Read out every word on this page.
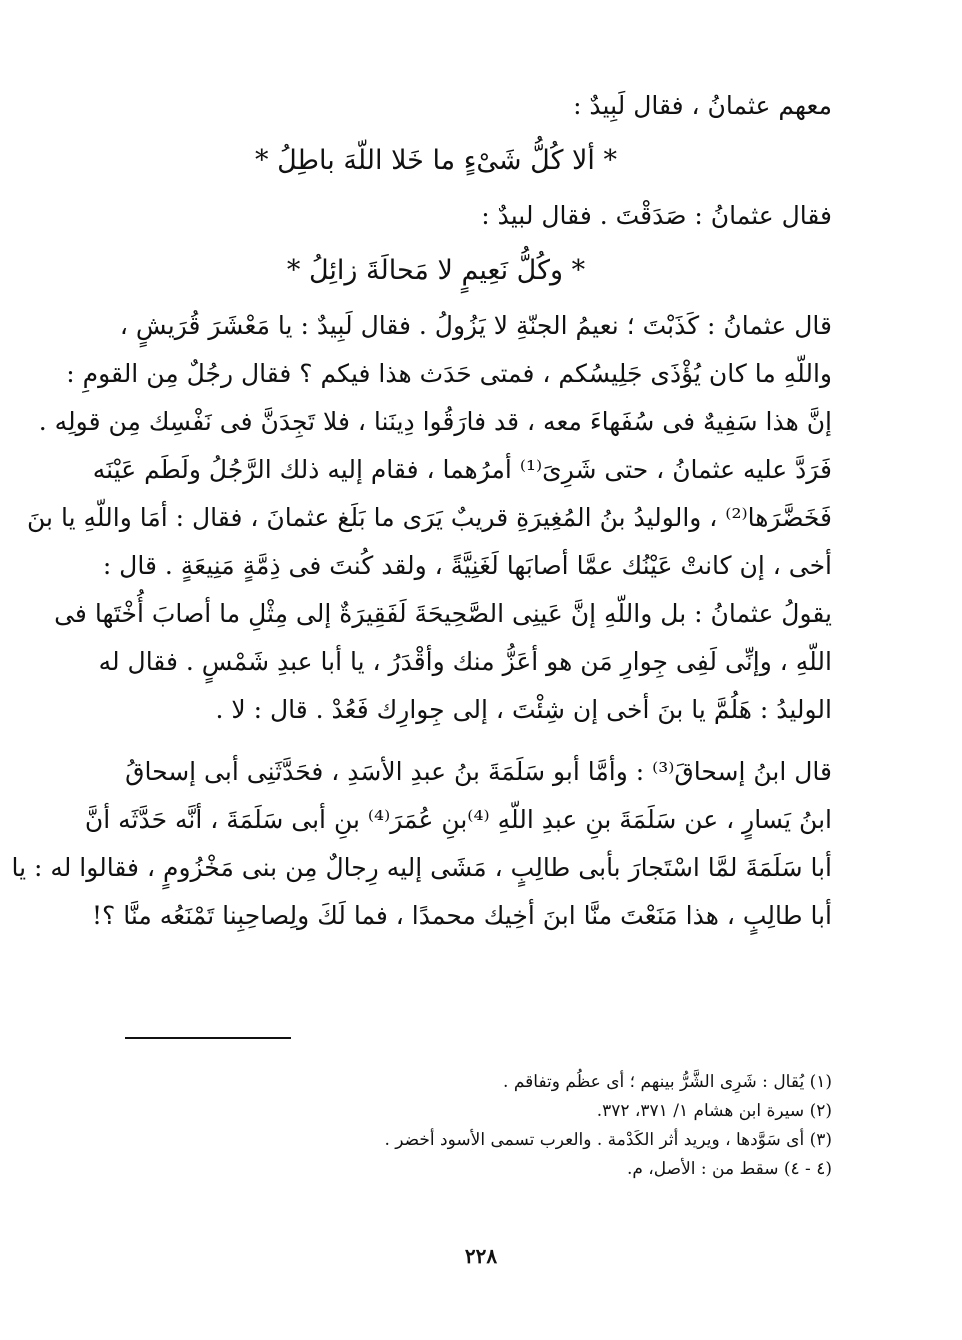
معهم عثمانُ ، فقال لَبِيدٌ :
* ألا كُلُّ شَىْءٍ ما خَلا اللّهَ باطِلُ *
فقال عثمانُ : صَدَقْتَ . فقال لبيدٌ :
* وكُلُّ نَعِيمٍ لا مَحالَةَ زائِلُ *
قال عثمانُ : كَذَبْتَ ؛ نعيمُ الجنّةِ لا يَزُولُ . فقال لَبِيدٌ : يا مَعْشَرَ قُرَيشٍ ،
واللّهِ ما كان يُؤْذَى جَلِيسُكم ، فمتى حَدَث هذا فيكم ؟ فقال رجُلٌ مِن القومِ :
إنَّ هذا سَفِيهٌ فى سُفَهاءَ معه ، قد فارَقُوا دِينَنا ، فلا تَجِدَنَّ فى نَفْسِك مِن قولِه .
فَرَدَّ عليه عثمانُ ، حتى شَرِىَ⁽¹⁾ أمرُهما ، فقام إليه ذلك الرَّجُلُ ولَطَم عَيْنَه
فَخَضَّرَها⁽²⁾ ، والوليدُ بنُ المُغِيرَةِ قريبٌ يَرَى ما بَلَغ عثمانَ ، فقال : أمَا واللّهِ يا بنَ
أخى ، إن كانتْ عَيْنُك عمَّا أصابَها لَغَنِيَّةً ، ولقد كُنتَ فى ذِمَّةٍ مَنِيعَةٍ . قال :
يقولُ عثمانُ : بل واللّهِ إنَّ عَينِى الصَّحِيحَةَ لَفَقِيرَةٌ إلى مِثْلِ ما أصابَ أُخْتَها فى
اللّهِ ، وإنِّى لَفِى جِوارِ مَن هو أعَزُّ منك وأقْدَرُ ، يا أبا عبدِ شَمْسٍ . فقال له
الوليدُ : هَلُمَّ يا بنَ أخى إن شِئْتَ ، إلى جِوارِك فَعُدْ . قال : لا .
قال ابنُ إسحاقَ⁽³⁾ : وأمَّا أبو سَلَمَةَ بنُ عبدِ الأسَدِ ، فحَدَّثَنِى أبى إسحاقُ
ابنُ يَسارٍ ، عن سَلَمَةَ بنِ عبدِ اللّهِ ⁽⁴⁾بنِ عُمَرَ⁽⁴⁾ بنِ أبى سَلَمَةَ ، أنَّه حَدَّثَه أنَّ
أبا سَلَمَةَ لمَّا اسْتَجارَ بأبى طالِبٍ ، مَشَى إليه رِجالٌ مِن بنى مَخْزُومٍ ، فقالوا له : يا
أبا طالِبٍ ، هذا مَنَعْتَ منَّا ابنَ أخِيك محمدًا ، فما لَكَ ولِصاحِبِنا تَمْنَعُه منَّا ؟!
(١) يُقال : شَرِى الشَّرُّ بينهم ؛ أى عظُم وتفاقم .
(٢) سيرة ابن هشام ١/ ٣٧١، ٣٧٢.
(٣) أى سَوَّدها ، ويريد أثر الكَدْمة . والعرب تسمى الأسود أخضر .
(٤ - ٤) سقط من : الأصل، م.
٢٢٨
